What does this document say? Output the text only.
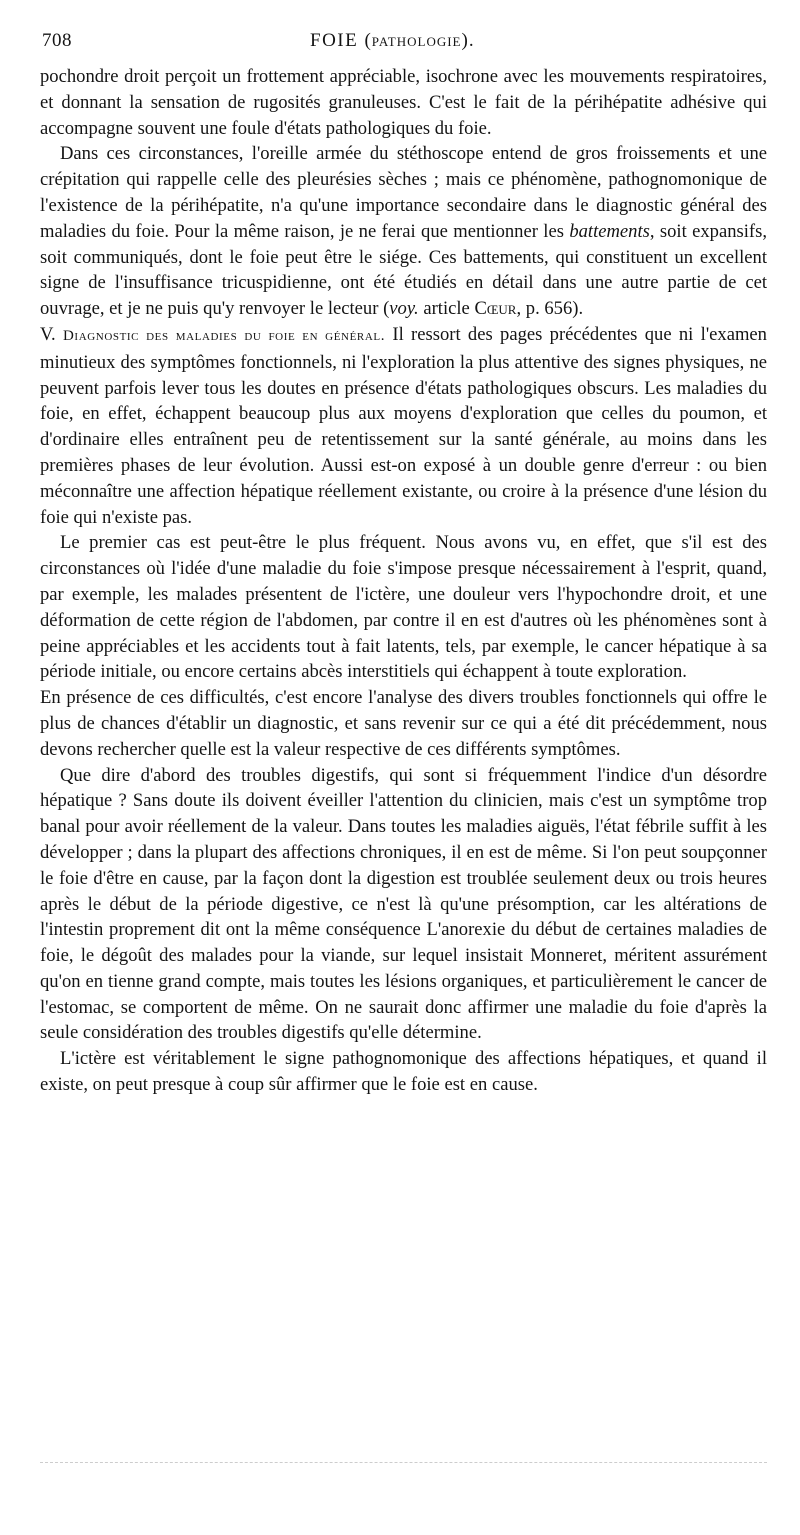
708	FOIE (pathologie).

pochondre droit perçoit un frottement appréciable, isochrone avec les mouvements respiratoires, et donnant la sensation de rugosités granuleuses. C'est le fait de la périhépatite adhésive qui accompagne souvent une foule d'états pathologiques du foie.

Dans ces circonstances, l'oreille armée du stéthoscope entend de gros froissements et une crépitation qui rappelle celle des pleurésies sèches ; mais ce phénomène, pathognomonique de l'existence de la périhépatite, n'a qu'une importance secondaire dans le diagnostic général des maladies du foie. Pour la même raison, je ne ferai que mentionner les battements, soit expansifs, soit communiqués, dont le foie peut être le siége. Ces battements, qui constituent un excellent signe de l'insuffisance tricuspidienne, ont été étudiés en détail dans une autre partie de cet ouvrage, et je ne puis qu'y renvoyer le lecteur (voy. article Cœur, p. 656).

V. Diagnostic des maladies du foie en général. Il ressort des pages précédentes que ni l'examen minutieux des symptômes fonctionnels, ni l'exploration la plus attentive des signes physiques, ne peuvent parfois lever tous les doutes en présence d'états pathologiques obscurs. Les maladies du foie, en effet, échappent beaucoup plus aux moyens d'exploration que celles du poumon, et d'ordinaire elles entraînent peu de retentissement sur la santé générale, au moins dans les premières phases de leur évolution. Aussi est-on exposé à un double genre d'erreur : ou bien méconnaître une affection hépatique réellement existante, ou croire à la présence d'une lésion du foie qui n'existe pas.

Le premier cas est peut-être le plus fréquent. Nous avons vu, en effet, que s'il est des circonstances où l'idée d'une maladie du foie s'impose presque nécessairement à l'esprit, quand, par exemple, les malades présentent de l'ictère, une douleur vers l'hypochondre droit, et une déformation de cette région de l'abdomen, par contre il en est d'autres où les phénomènes sont à peine appréciables et les accidents tout à fait latents, tels, par exemple, le cancer hépatique à sa période initiale, ou encore certains abcès interstitiels qui échappent à toute exploration.

En présence de ces difficultés, c'est encore l'analyse des divers troubles fonctionnels qui offre le plus de chances d'établir un diagnostic, et sans revenir sur ce qui a été dit précédemment, nous devons rechercher quelle est la valeur respective de ces différents symptômes.

Que dire d'abord des troubles digestifs, qui sont si fréquemment l'indice d'un désordre hépatique ? Sans doute ils doivent éveiller l'attention du clinicien, mais c'est un symptôme trop banal pour avoir réellement de la valeur. Dans toutes les maladies aiguës, l'état fébrile suffit à les développer ; dans la plupart des affections chroniques, il en est de même. Si l'on peut soupçonner le foie d'être en cause, par la façon dont la digestion est troublée seulement deux ou trois heures après le début de la période digestive, ce n'est là qu'une présomption, car les altérations de l'intestin proprement dit ont la même conséquence L'anorexie du début de certaines maladies de foie, le dégoût des malades pour la viande, sur lequel insistait Monneret, méritent assurément qu'on en tienne grand compte, mais toutes les lésions organiques, et particulièrement le cancer de l'estomac, se comportent de même. On ne saurait donc affirmer une maladie du foie d'après la seule considération des troubles digestifs qu'elle détermine.

L'ictère est véritablement le signe pathognomonique des affections hépatiques, et quand il existe, on peut presque à coup sûr affirmer que le foie est en cause.
